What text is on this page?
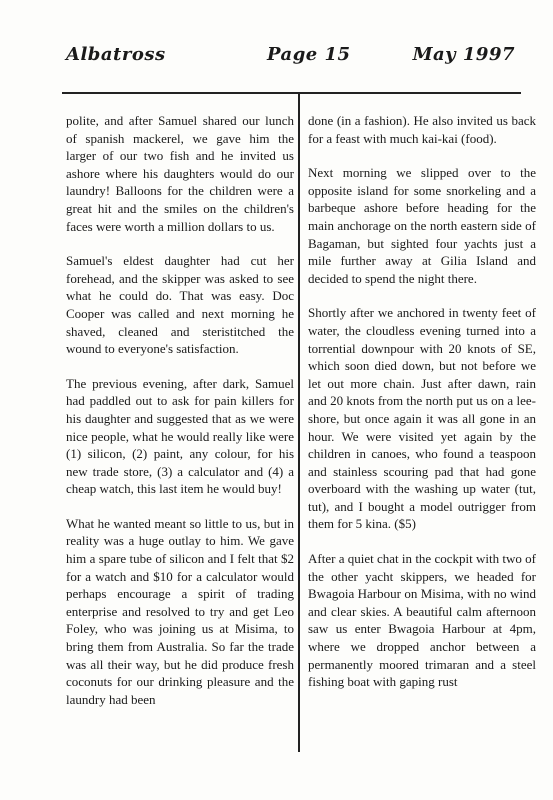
Albatross	Page 15	May 1997

polite, and after Samuel shared our lunch of spanish mackerel, we gave him the larger of our two fish and he invited us ashore where his daughters would do our laundry! Balloons for the children were a great hit and the smiles on the children's faces were worth a million dollars to us.

Samuel's eldest daughter had cut her forehead, and the skipper was asked to see what he could do. That was easy. Doc Cooper was called and next morning he shaved, cleaned and steristitched the wound to everyone's satisfaction.

The previous evening, after dark, Samuel had paddled out to ask for pain killers for his daughter and suggested that as we were nice people, what he would really like were (1) silicon, (2) paint, any colour, for his new trade store, (3) a calculator and (4) a cheap watch, this last item he would buy!

What he wanted meant so little to us, but in reality was a huge outlay to him. We gave him a spare tube of silicon and I felt that $2 for a watch and $10 for a calculator would perhaps encourage a spirit of trading enterprise and resolved to try and get Leo Foley, who was joining us at Misima, to bring them from Australia. So far the trade was all their way, but he did produce fresh coconuts for our drinking pleasure and the laundry had been

done (in a fashion). He also invited us back for a feast with much kai-kai (food).

Next morning we slipped over to the opposite island for some snorkeling and a barbeque ashore before heading for the main anchorage on the north eastern side of Bagaman, but sighted four yachts just a mile further away at Gilia Island and decided to spend the night there.

Shortly after we anchored in twenty feet of water, the cloudless evening turned into a torrential downpour with 20 knots of SE, which soon died down, but not before we let out more chain. Just after dawn, rain and 20 knots from the north put us on a lee-shore, but once again it was all gone in an hour. We were visited yet again by the children in canoes, who found a teaspoon and stainless scouring pad that had gone overboard with the washing up water (tut, tut), and I bought a model outrigger from them for 5 kina. ($5)

After a quiet chat in the cockpit with two of the other yacht skippers, we headed for Bwagoia Harbour on Misima, with no wind and clear skies. A beautiful calm afternoon saw us enter Bwagoia Harbour at 4pm, where we dropped anchor between a permanently moored trimaran and a steel fishing boat with gaping rust
